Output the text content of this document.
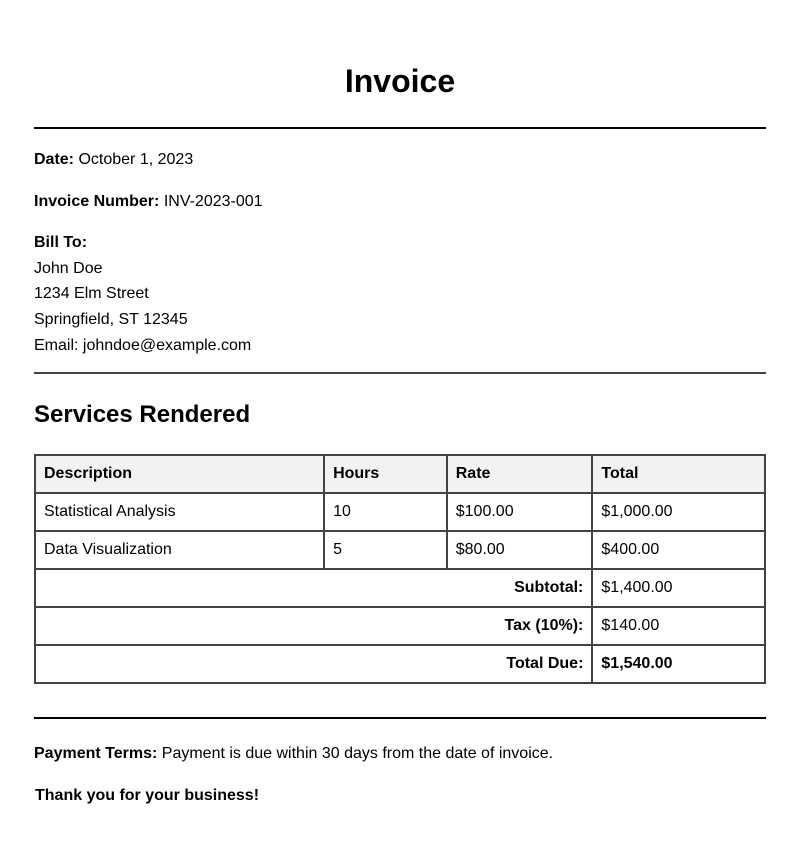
Invoice
Date: October 1, 2023
Invoice Number: INV-2023-001
Bill To:
John Doe
1234 Elm Street
Springfield, ST 12345
Email: johndoe@example.com
Services Rendered
Description	Hours	Rate	Total
Statistical Analysis	10	$100.00	$1,000.00
Data Visualization	5	$80.00	$400.00
Subtotal:			$1,400.00
Tax (10%):			$140.00
Total Due:			$1,540.00
Payment Terms: Payment is due within 30 days from the date of invoice.
Thank you for your business!
